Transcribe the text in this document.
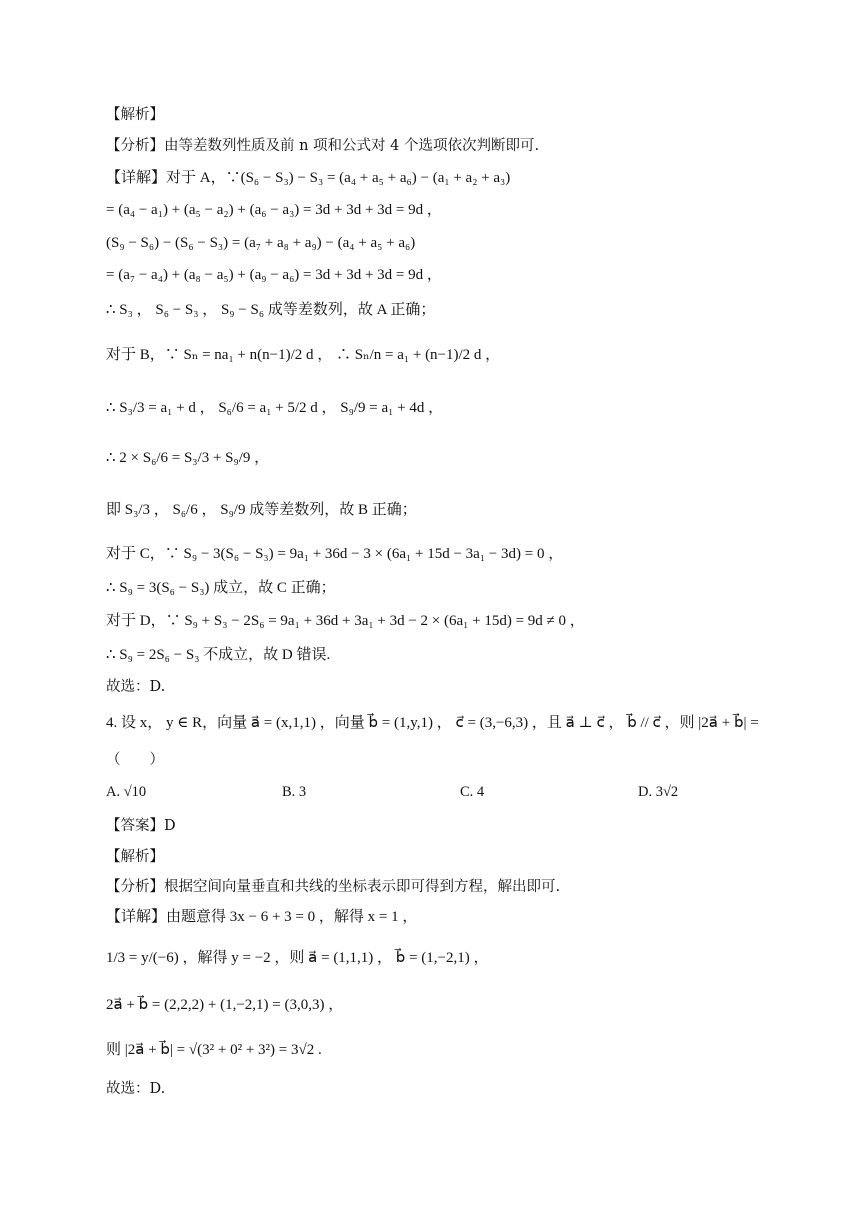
【解析】
【分析】由等差数列性质及前 n 项和公式对 4 个选项依次判断即可.
【详解】对于 A，∵(S₆ − S₃) − S₃ = (a₄ + a₅ + a₆) − (a₁ + a₂ + a₃)
= (a₄ − a₁) + (a₅ − a₂) + (a₆ − a₃) = 3d + 3d + 3d = 9d ，
(S₉ − S₆) − (S₆ − S₃) = (a₇ + a₈ + a₉) − (a₄ + a₅ + a₆)
= (a₇ − a₄) + (a₈ − a₅) + (a₉ − a₆) = 3d + 3d + 3d = 9d ，
∴ S₃ ， S₆ − S₃ ， S₉ − S₆ 成等差数列，故 A 正确；
对于 B，∵ Sₙ = na₁ + n(n−1)/2 d ， ∴ Sₙ/n = a₁ + (n−1)/2 d ，
∴ S₃/3 = a₁ + d ， S₆/6 = a₁ + 5/2 d ， S₉/9 = a₁ + 4d ，
∴ 2 × S₆/6 = S₃/3 + S₉/9 ，
即 S₃/3 ， S₆/6 ， S₉/9 成等差数列，故 B 正确；
对于 C，∵ S₉ − 3(S₆ − S₃) = 9a₁ + 36d − 3 × (6a₁ + 15d − 3a₁ − 3d) = 0 ，
∴ S₉ = 3(S₆ − S₃) 成立，故 C 正确；
对于 D，∵ S₉ + S₃ − 2S₆ = 9a₁ + 36d + 3a₁ + 3d − 2 × (6a₁ + 15d) = 9d ≠ 0 ，
∴ S₉ = 2S₆ − S₃ 不成立，故 D 错误.
故选：D.
4. 设 x， y ∈ R，向量 a⃗ = (x,1,1) ，向量 b⃗ = (1,y,1) ， c⃗ = (3,−6,3) ，且 a⃗ ⊥ c⃗ ， b⃗ // c⃗ ，则 |2a⃗ + b⃗| =
（　　）
A. √10	B. 3	C. 4	D. 3√2
【答案】D
【解析】
【分析】根据空间向量垂直和共线的坐标表示即可得到方程，解出即可.
【详解】由题意得 3x − 6 + 3 = 0 ，解得 x = 1 ，
1/3 = y/(−6) ，解得 y = −2 ，则 a⃗ = (1,1,1) ， b⃗ = (1,−2,1) ，
2a⃗ + b⃗ = (2,2,2) + (1,−2,1) = (3,0,3) ，
则 |2a⃗ + b⃗| = √(3² + 0² + 3²) = 3√2 .
故选：D.
